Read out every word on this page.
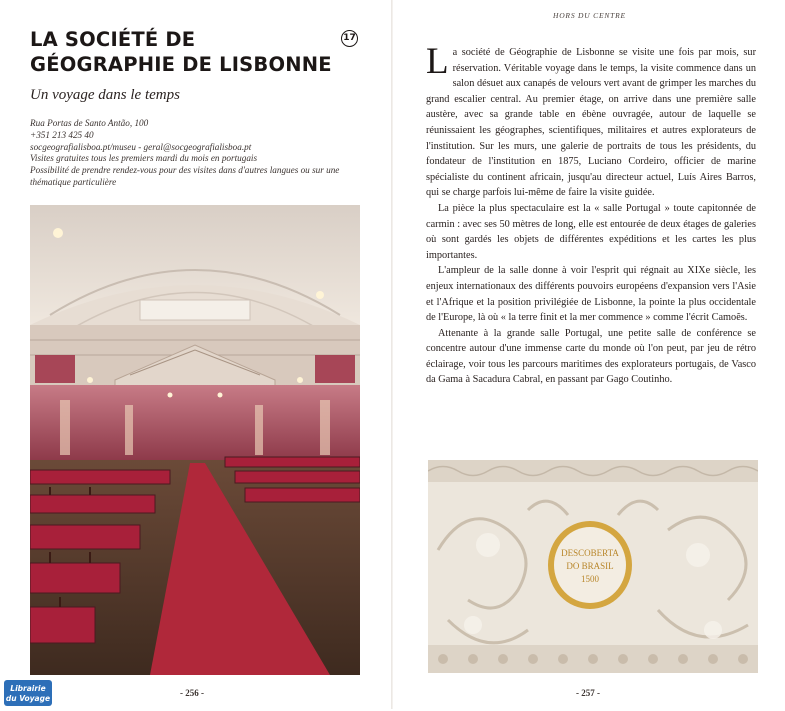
LA SOCIÉTÉ DE GÉOGRAPHIE DE LISBONNE
17

Un voyage dans le temps

Rua Portas de Santo Antão, 100
+351 213 425 40
socgeografialisboa.pt/museu - geral@socgeografialisboa.pt
Visites gratuites tous les premiers mardi du mois en portugais
Possibilité de prendre rendez-vous pour des visites dans d'autres langues ou sur une thématique particulière
- 256 -
Librairie
du Voyage
HORS DU CENTRE

La société de Géographie de Lisbonne se visite une fois par mois, sur réservation. Véritable voyage dans le temps, la visite commence dans un salon désuet aux canapés de velours vert avant de grimper les marches du grand escalier central. Au premier étage, on arrive dans une première salle austère, avec sa grande table en ébène ouvragée, autour de laquelle se réunissaient les géographes, scientifiques, militaires et autres explorateurs de l'institution. Sur les murs, une galerie de portraits de tous les présidents, du fondateur de l'institution en 1875, Luciano Cordeiro, officier de marine spécialiste du continent africain, jusqu'au directeur actuel, Luís Aires Barros, qui se charge parfois lui-même de faire la visite guidée.

La pièce la plus spectaculaire est la « salle Portugal » toute capitonnée de carmin : avec ses 50 mètres de long, elle est entourée de deux étages de galeries où sont gardés les objets de différentes expéditions et les cartes les plus importantes.

L'ampleur de la salle donne à voir l'esprit qui régnait au XIXe siècle, les enjeux internationaux des différents pouvoirs européens d'expansion vers l'Asie et l'Afrique et la position privilégiée de Lisbonne, la pointe la plus occidentale de l'Europe, là où « la terre finit et la mer commence » comme l'écrit Camoẽs.

Attenante à la grande salle Portugal, une petite salle de conférence se concentre autour d'une immense carte du monde où l'on peut, par jeu de rétro éclairage, voir tous les parcours maritimes des explorateurs portugais, de Vasco da Gama à Sacadura Cabral, en passant par Gago Coutinho.

DESCOBERTA
DO BRASIL
1500
- 257 -
